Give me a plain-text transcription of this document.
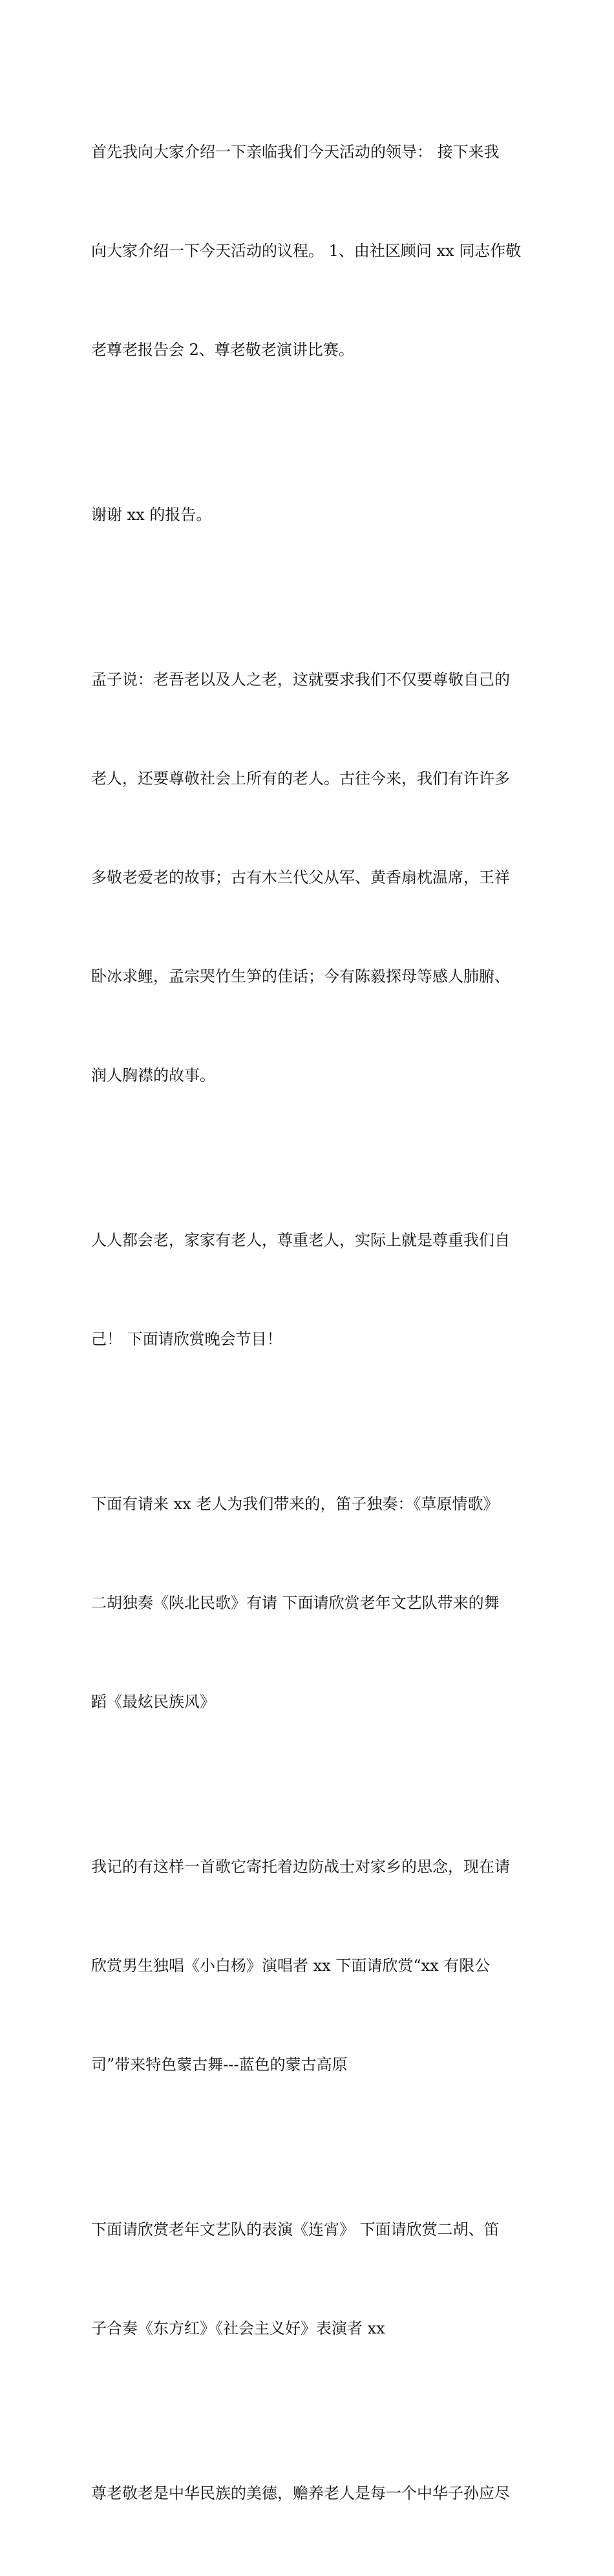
首先我向大家介绍一下亲临我们今天活动的领导： 接下来我

向大家介绍一下今天活动的议程。 1、由社区顾问 xx 同志作敬

老尊老报告会 2、尊老敬老演讲比赛。

谢谢 xx 的报告。

孟子说：老吾老以及人之老，这就要求我们不仅要尊敬自己的

老人，还要尊敬社会上所有的老人。古往今来，我们有许许多

多敬老爱老的故事；古有木兰代父从军、黄香扇枕温席，王祥

卧冰求鲤，孟宗哭竹生笋的佳话；今有陈毅探母等感人肺腑、

润人胸襟的故事。

人人都会老，家家有老人，尊重老人，实际上就是尊重我们自

己！ 下面请欣赏晚会节目！

下面有请来 xx 老人为我们带来的，笛子独奏：《草原情歌》

二胡独奏《陕北民歌》有请 下面请欣赏老年文艺队带来的舞

蹈《最炫民族风》

我记的有这样一首歌它寄托着边防战士对家乡的思念，现在请

欣赏男生独唱《小白杨》演唱者 xx 下面请欣赏“xx 有限公

司”带来特色蒙古舞---蓝色的蒙古高原

下面请欣赏老年文艺队的表演《连宵》 下面请欣赏二胡、笛

子合奏《东方红》《社会主义好》表演者 xx

尊老敬老是中华民族的美德，赡养老人是每一个中华子孙应尽
